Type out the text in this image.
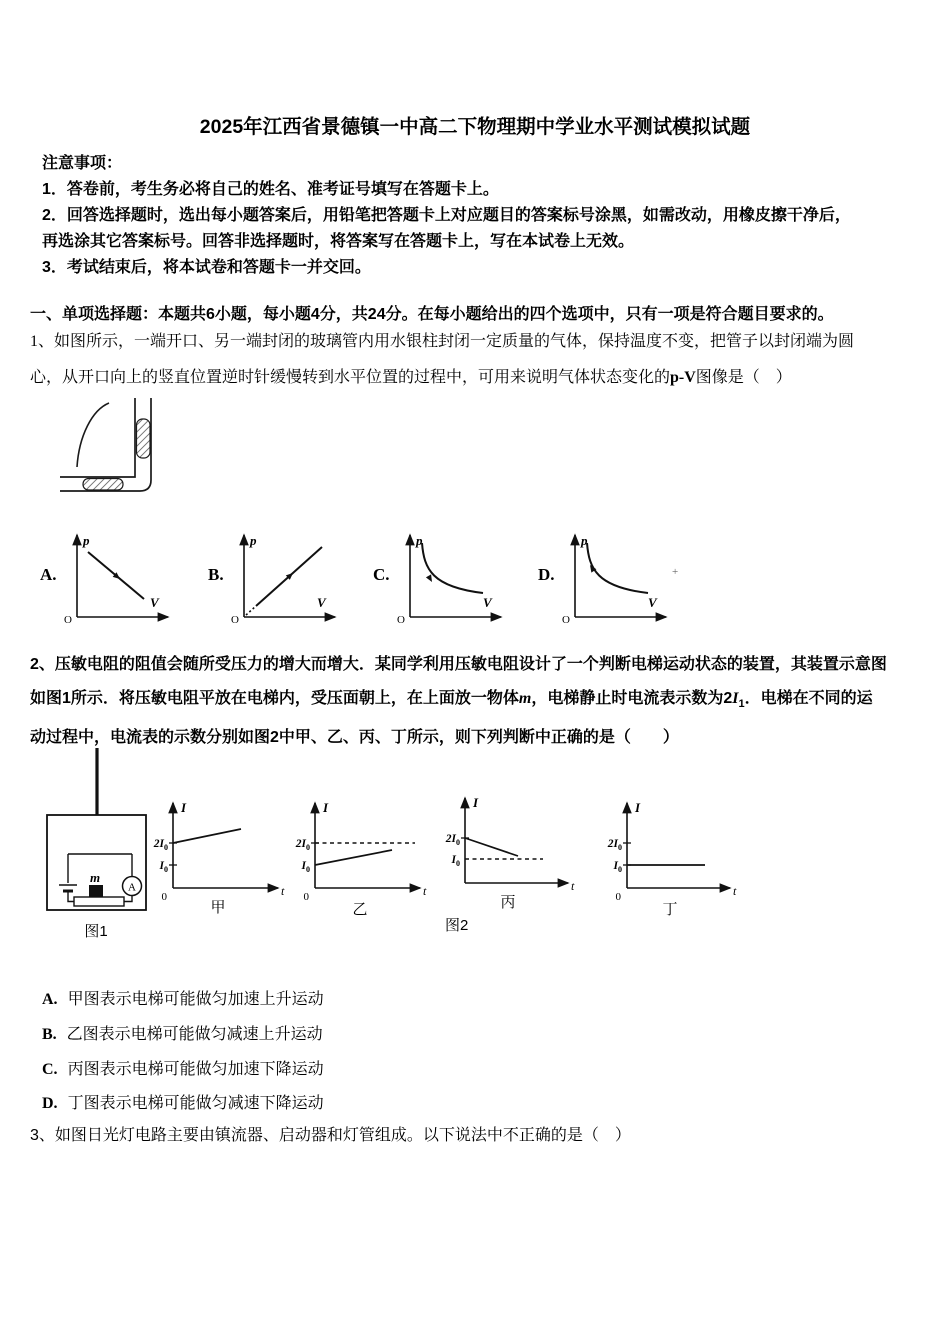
2025年江西省景德镇一中高二下物理期中学业水平测试模拟试题
注意事项：

1．答卷前，考生务必将自己的姓名、准考证号填写在答题卡上。

2．回答选择题时，选出每小题答案后，用铅笔把答题卡上对应题目的答案标号涂黑，如需改动，用橡皮擦干净后，再选涂其它答案标号。回答非选择题时，将答案写在答题卡上，写在本试卷上无效。

3．考试结束后，将本试卷和答题卡一并交回。

一、单项选择题：本题共6小题，每小题4分，共24分。在每小题给出的四个选项中，只有一项是符合题目要求的。

1、如图所示，一端开口、另一端封闭的玻璃管内用水银柱封闭一定质量的气体，保持温度不变，把管子以封闭端为圆心，从开口向上的竖直位置逆时针缓慢转到水平位置的过程中，可用来说明气体状态变化的p-V图像是（　）

A.
p
V
O
B.
p
V
O
C.
p
V
O
D.
p
V
O
+

2、压敏电阻的阻值会随所受压力的增大而增大．某同学利用压敏电阻设计了一个判断电梯运动状态的装置，其装置示意图如图1所示．将压敏电阻平放在电梯内，受压面朝上，在上面放一物体m，电梯静止时电流表示数为$2I_1$．电梯在不同的运动过程中，电流表的示数分别如图2中甲、乙、丙、丁所示，则下列判断中正确的是（　　）

m
A
图1
I
t
0
$2I_0$
$I_0$
甲
I
t
0
$2I_0$
$I_0$
乙
图2
I
t
$2I_0$
$I_0$
丙
I
t
0
$2I_0$
$I_0$
丁

A. 甲图表示电梯可能做匀加速上升运动

B. 乙图表示电梯可能做匀减速上升运动

C. 丙图表示电梯可能做匀加速下降运动

D. 丁图表示电梯可能做匀减速下降运动

3、如图日光灯电路主要由镇流器、启动器和灯管组成。以下说法中不正确的是（　）
